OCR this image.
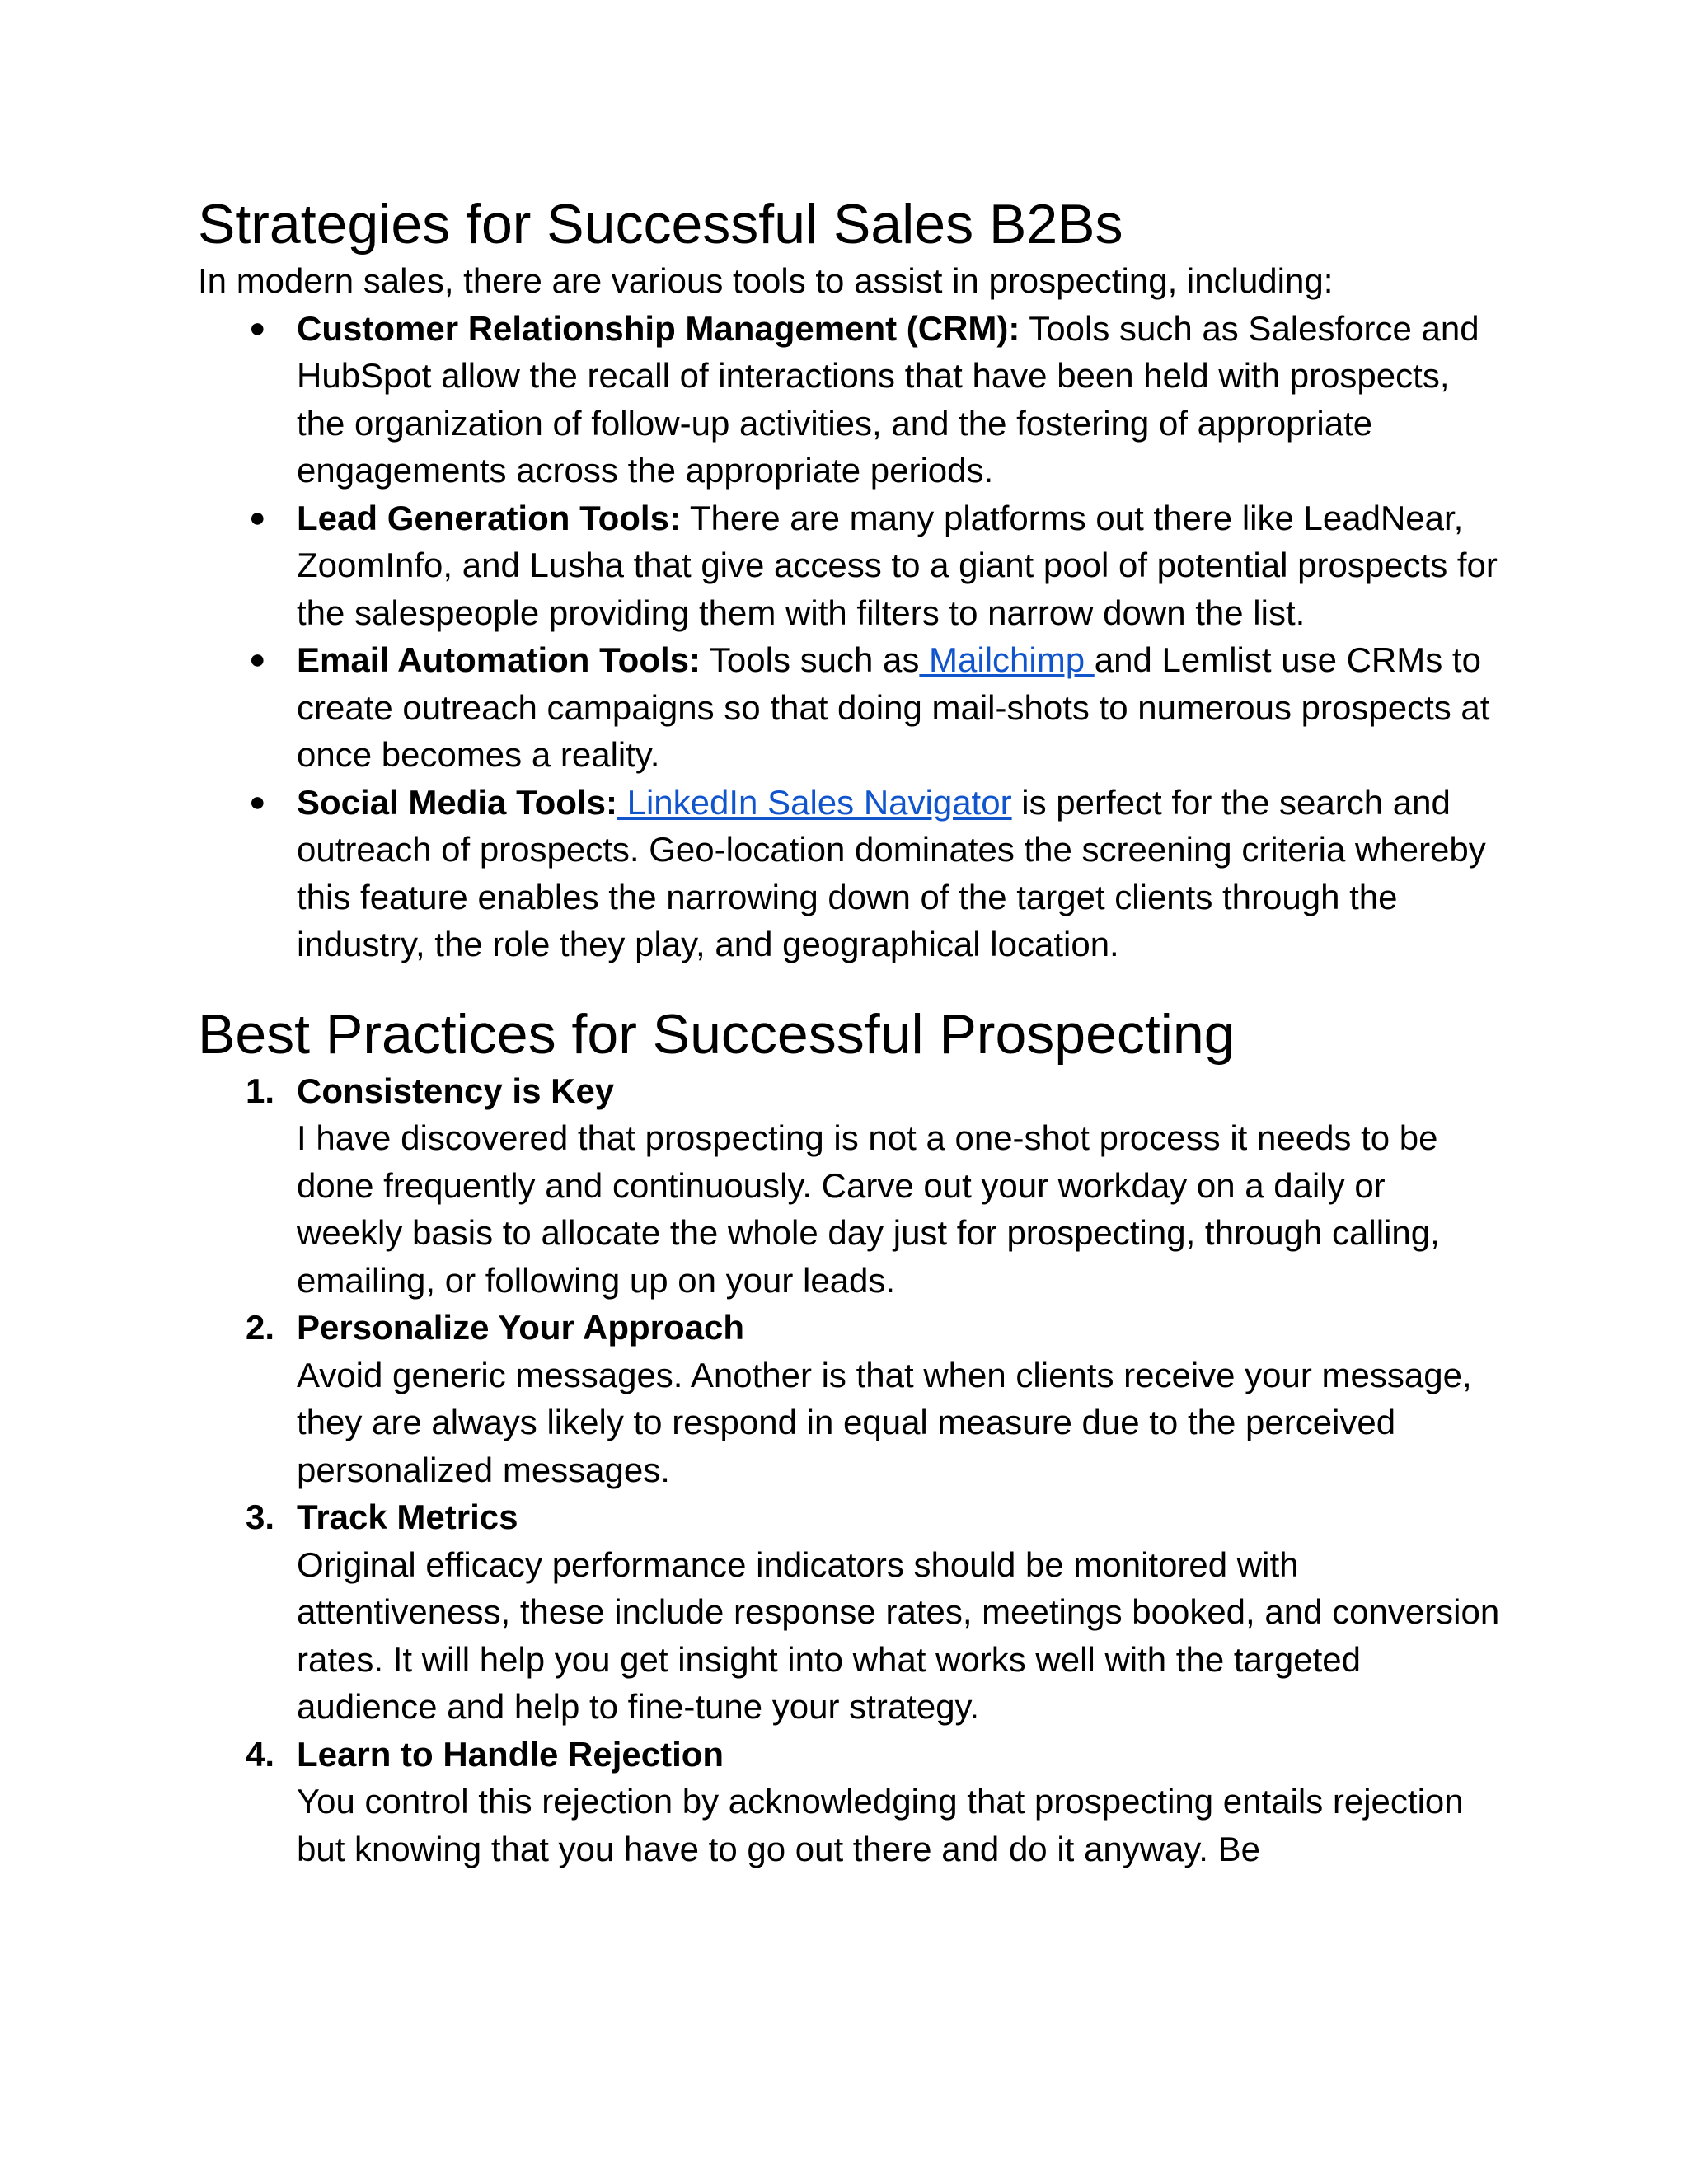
Strategies for Successful Sales B2Bs

In modern sales, there are various tools to assist in prospecting, including:

● Customer Relationship Management (CRM): Tools such as Salesforce and HubSpot allow the recall of interactions that have been held with prospects, the organization of follow-up activities, and the fostering of appropriate engagements across the appropriate periods.
● Lead Generation Tools: There are many platforms out there like LeadNear, ZoomInfo, and Lusha that give access to a giant pool of potential prospects for the salespeople providing them with filters to narrow down the list.
● Email Automation Tools: Tools such as Mailchimp and Lemlist use CRMs to create outreach campaigns so that doing mail-shots to numerous prospects at once becomes a reality.
● Social Media Tools: LinkedIn Sales Navigator is perfect for the search and outreach of prospects. Geo-location dominates the screening criteria whereby this feature enables the narrowing down of the target clients through the industry, the role they play, and geographical location.
Best Practices for Successful Prospecting
1. Consistency is Key
I have discovered that prospecting is not a one-shot process it needs to be done frequently and continuously. Carve out your workday on a daily or weekly basis to allocate the whole day just for prospecting, through calling, emailing, or following up on your leads.
2. Personalize Your Approach
Avoid generic messages. Another is that when clients receive your message, they are always likely to respond in equal measure due to the perceived personalized messages.
3. Track Metrics
Original efficacy performance indicators should be monitored with attentiveness, these include response rates, meetings booked, and conversion rates. It will help you get insight into what works well with the targeted audience and help to fine-tune your strategy.
4. Learn to Handle Rejection
You control this rejection by acknowledging that prospecting entails rejection but knowing that you have to go out there and do it anyway. Be
